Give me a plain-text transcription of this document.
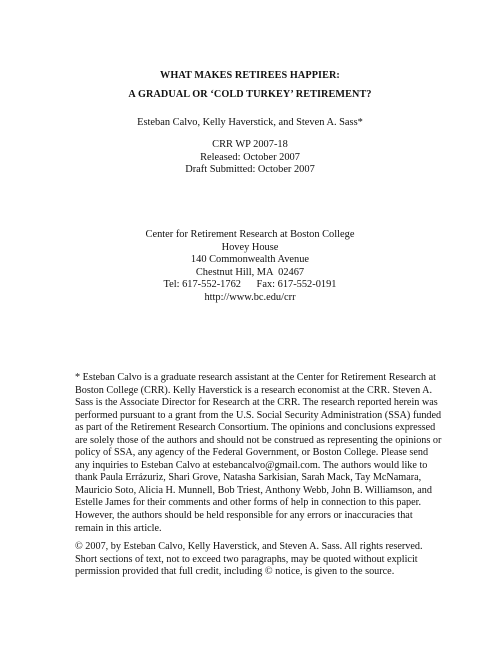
WHAT MAKES RETIREES HAPPIER:
A GRADUAL OR ‘COLD TURKEY’ RETIREMENT?
Esteban Calvo, Kelly Haverstick, and Steven A. Sass*
CRR WP 2007-18
Released: October 2007
Draft Submitted: October 2007
Center for Retirement Research at Boston College
Hovey House
140 Commonwealth Avenue
Chestnut Hill, MA  02467
Tel: 617-552-1762      Fax: 617-552-0191
http://www.bc.edu/crr
* Esteban Calvo is a graduate research assistant at the Center for Retirement Research at
Boston College (CRR). Kelly Haverstick is a research economist at the CRR. Steven A.
Sass is the Associate Director for Research at the CRR. The research reported herein was
performed pursuant to a grant from the U.S. Social Security Administration (SSA) funded
as part of the Retirement Research Consortium. The opinions and conclusions expressed
are solely those of the authors and should not be construed as representing the opinions or
policy of SSA, any agency of the Federal Government, or Boston College. Please send
any inquiries to Esteban Calvo at estebancalvo@gmail.com. The authors would like to
thank Paula Errázuriz, Shari Grove, Natasha Sarkisian, Sarah Mack, Tay McNamara,
Mauricio Soto, Alicia H. Munnell, Bob Triest, Anthony Webb, John B. Williamson, and
Estelle James for their comments and other forms of help in connection to this paper.
However, the authors should be held responsible for any errors or inaccuracies that
remain in this article.
© 2007, by Esteban Calvo, Kelly Haverstick, and Steven A. Sass. All rights reserved.
Short sections of text, not to exceed two paragraphs, may be quoted without explicit
permission provided that full credit, including © notice, is given to the source.
